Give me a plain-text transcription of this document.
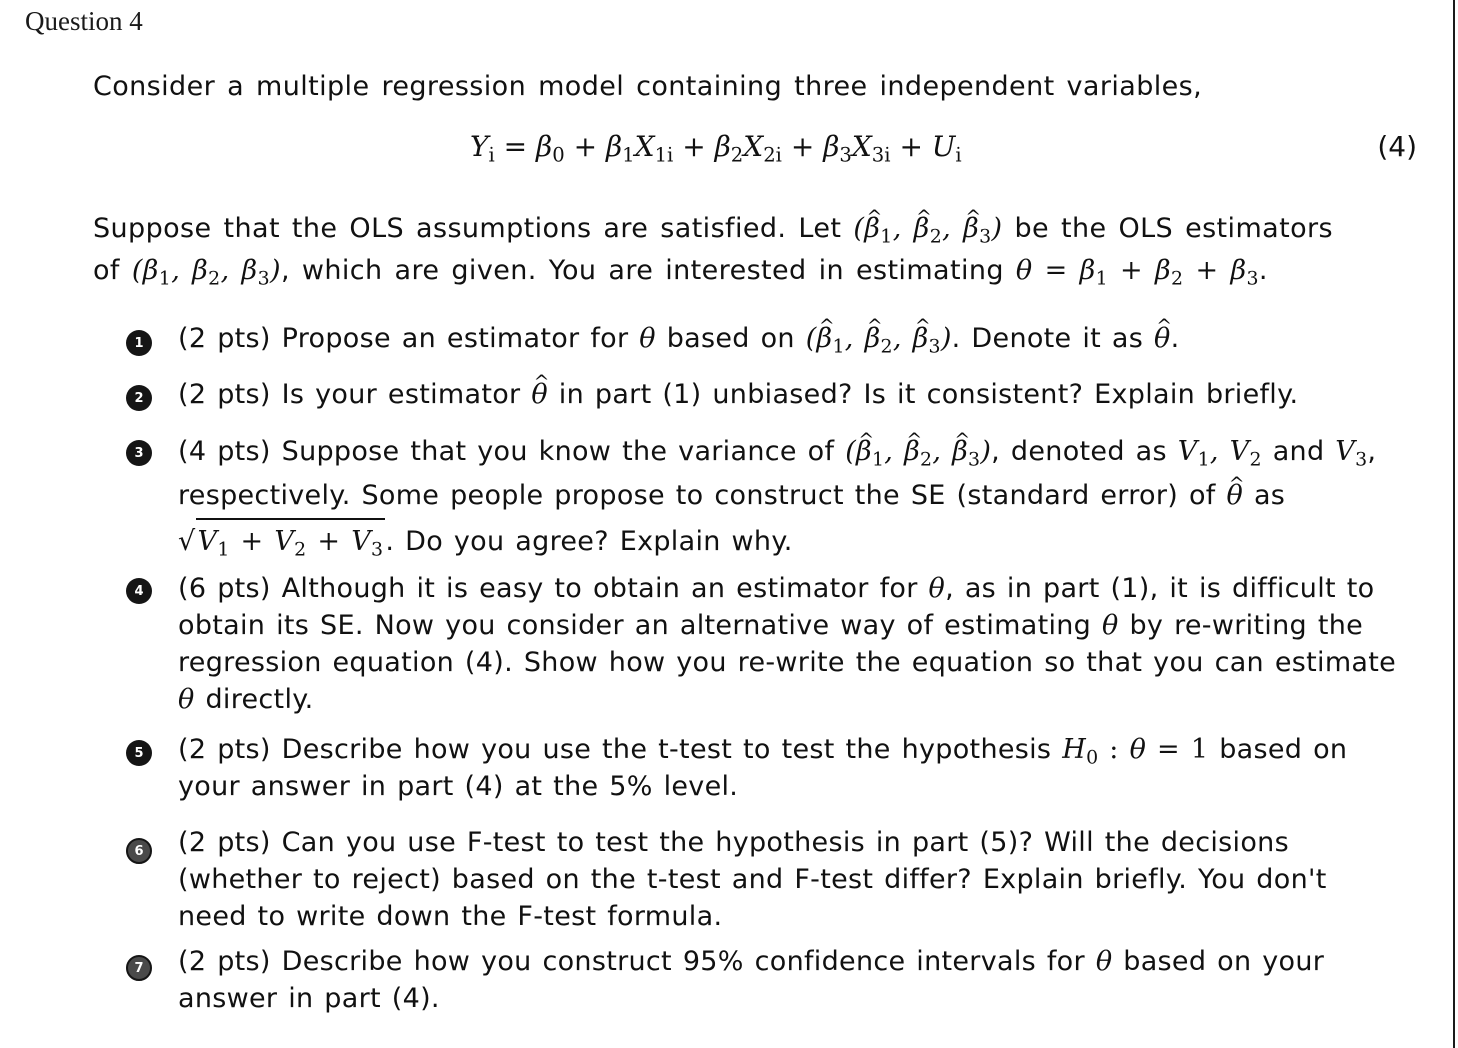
Question 4
Consider a multiple regression model containing three independent variables,
$Y_i = \beta_0 + \beta_1X_{1i} + \beta_2X_{2i} + \beta_3X_{3i} + U_i$	(4)
Suppose that the OLS assumptions are satisfied. Let (^ $\beta_1$, ^ $\beta_2$, ^ $\beta_3$) be the OLS estimators
of ($\beta_1$, $\beta_2$, $\beta_3$), which are given. You are interested in estimating $\theta = \beta_1 + \beta_2 + \beta_3$.
1	(2 pts) Propose an estimator for θ based on (^ $\beta_1$, ^ $\beta_2$, ^ $\beta_3$). Denote it as ^ θ.
2	(2 pts) Is your estimator ^ θ in part (1) unbiased? Is it consistent? Explain briefly.
3	(4 pts) Suppose that you know the variance of (^ $\beta_1$, ^ $\beta_2$, ^ $\beta_3$), denoted as $V_1$, $V_2$ and $V_3$, respectively. Some people propose to construct the SE (standard error) of ^ θ as $√V_1 + V_2 + V_3$. Do you agree? Explain why.
4	(6 pts) Although it is easy to obtain an estimator for θ, as in part (1), it is difficult to obtain its SE. Now you consider an alternative way of estimating θ by re-writing the regression equation (4). Show how you re-write the equation so that you can estimate θ directly.
5	(2 pts) Describe how you use the t-test to test the hypothesis $H_0$ : θ = 1 based on your answer in part (4) at the 5% level.
6	(2 pts) Can you use F-test to test the hypothesis in part (5)? Will the decisions (whether to reject) based on the t-test and F-test differ? Explain briefly. You don't need to write down the F-test formula.
7	(2 pts) Describe how you construct 95% confidence intervals for θ based on your answer in part (4).
